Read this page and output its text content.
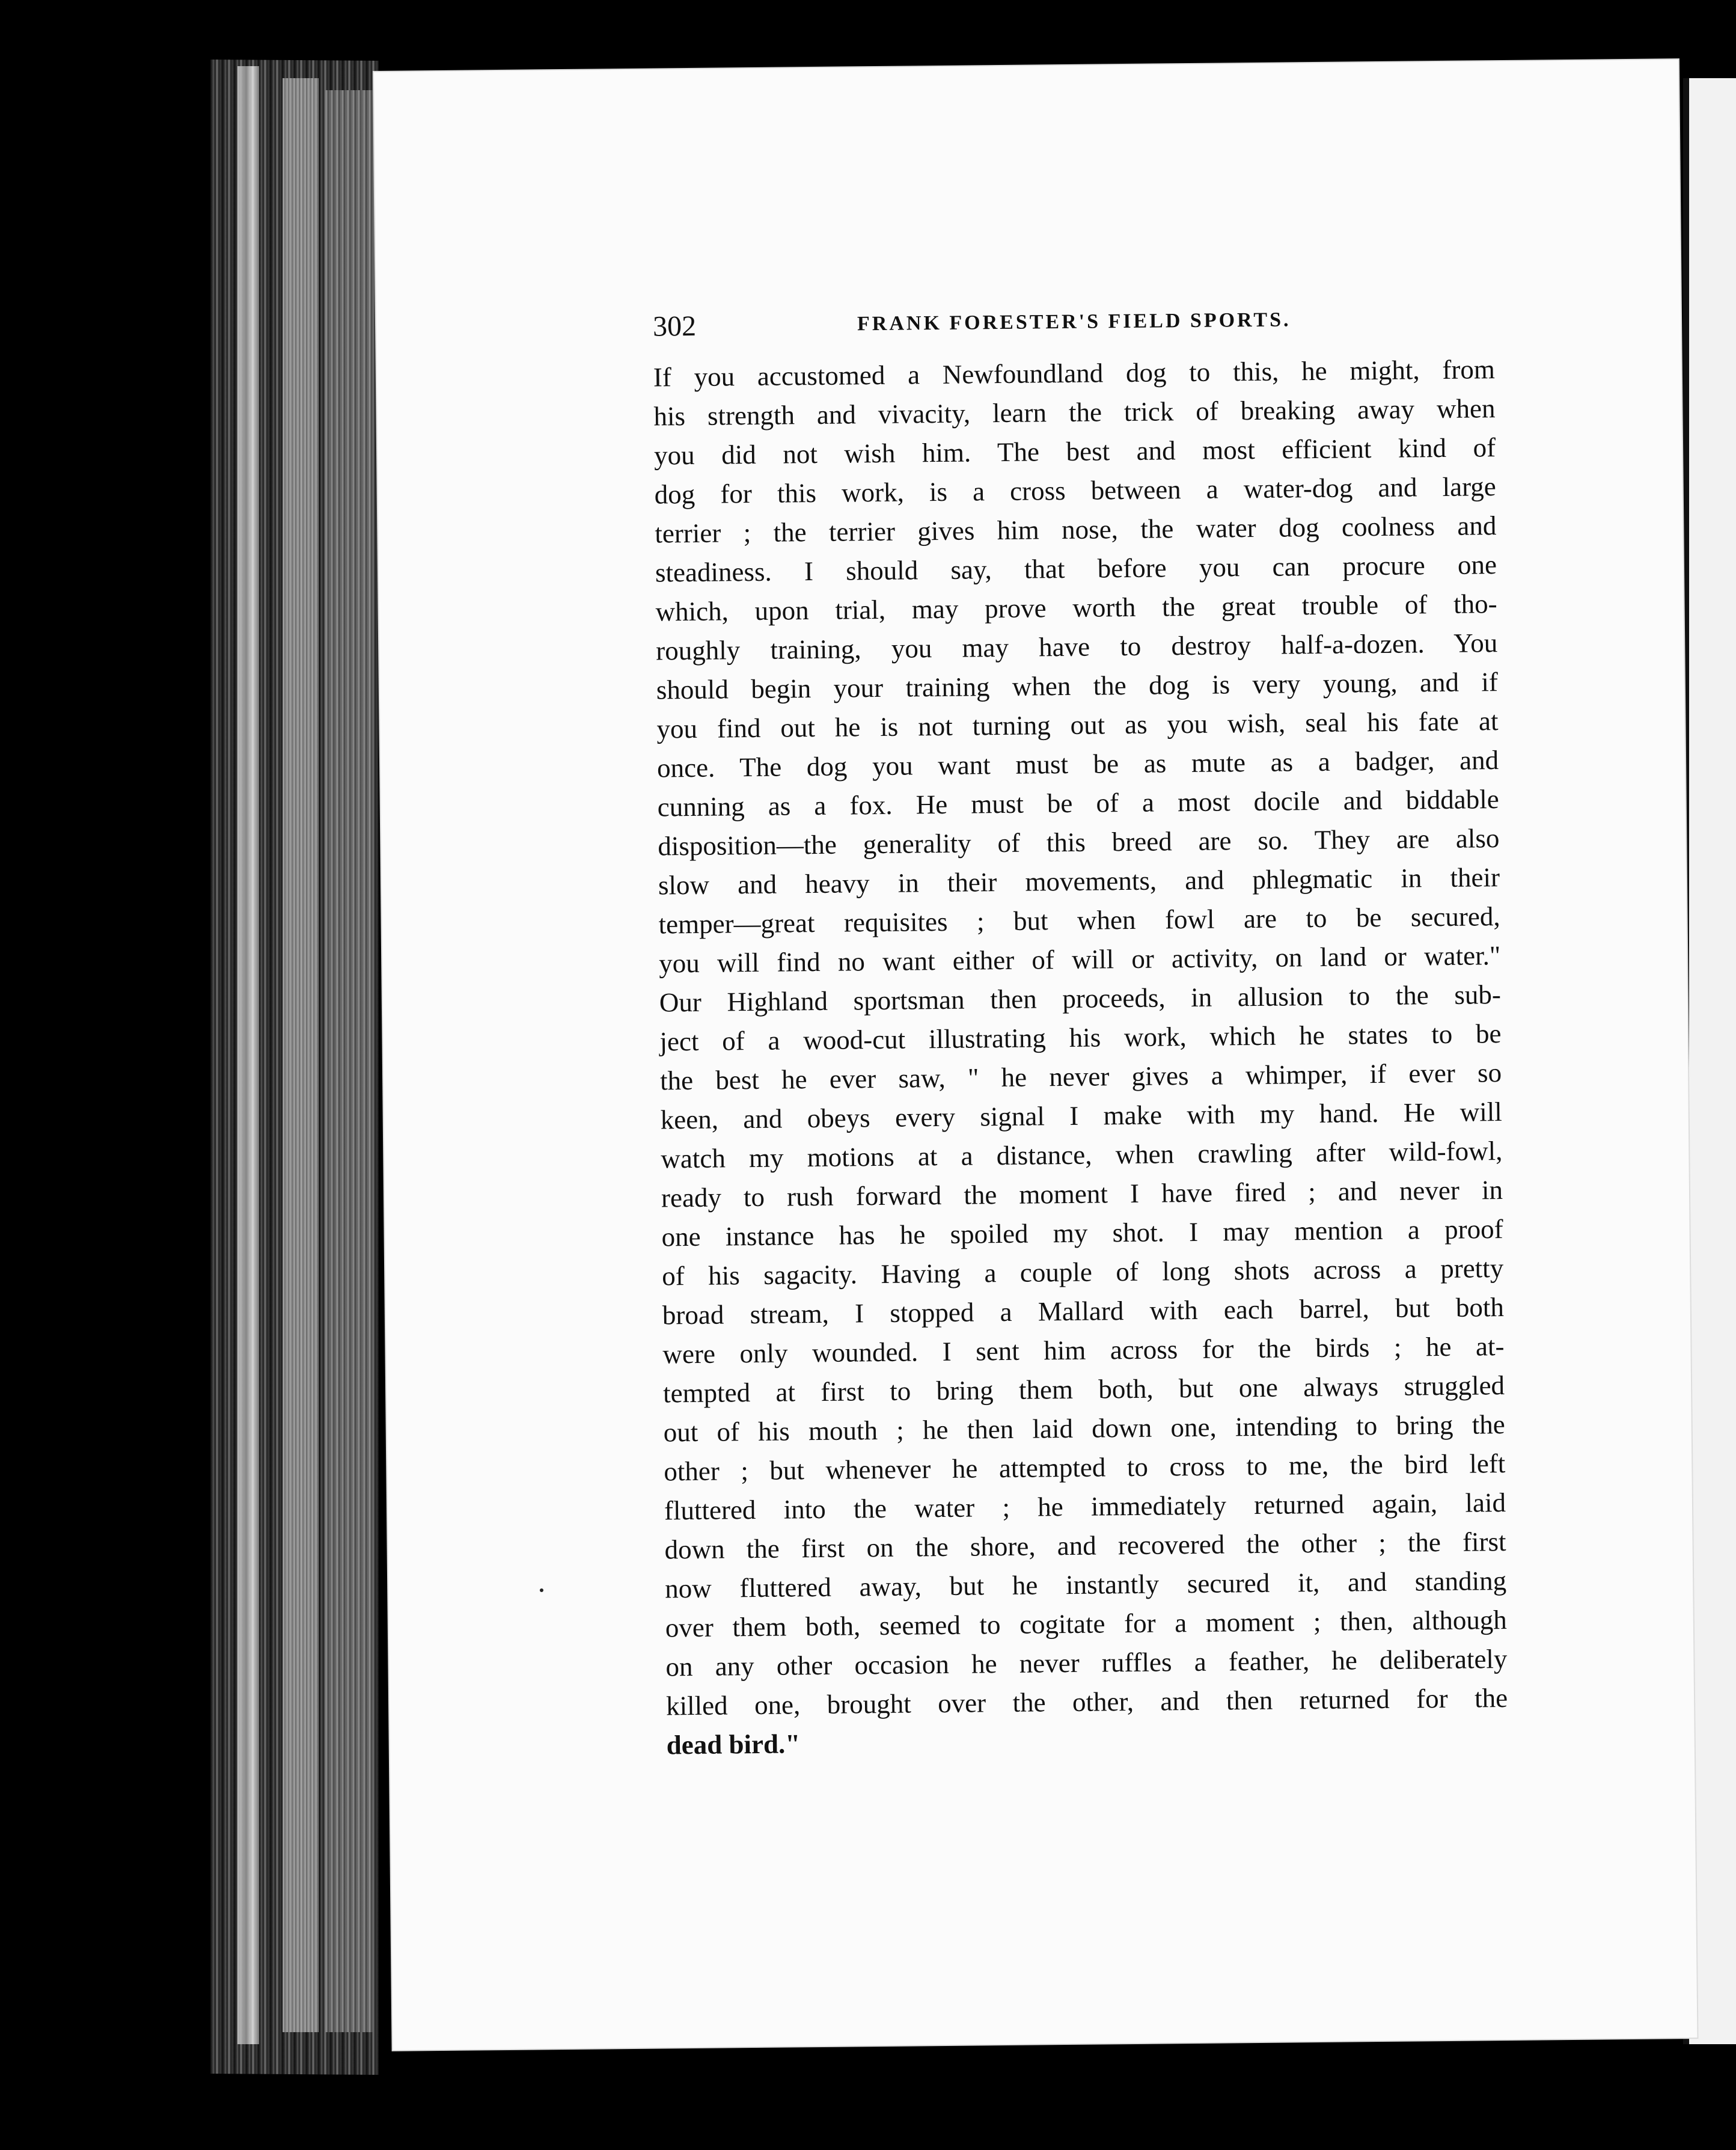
302	FRANK FORESTER'S FIELD SPORTS.
If you accustomed a Newfoundland dog to this, he might, from
his strength and vivacity, learn the trick of breaking away when
you did not wish him. The best and most efficient kind of
dog for this work, is a cross between a water-dog and large
terrier ; the terrier gives him nose, the water dog coolness and
steadiness. I should say, that before you can procure one
which, upon trial, may prove worth the great trouble of tho-
roughly training, you may have to destroy half-a-dozen. You
should begin your training when the dog is very young, and if
you find out he is not turning out as you wish, seal his fate at
once. The dog you want must be as mute as a badger, and
cunning as a fox. He must be of a most docile and biddable
disposition—the generality of this breed are so. They are also
slow and heavy in their movements, and phlegmatic in their
temper—great requisites ; but when fowl are to be secured,
you will find no want either of will or activity, on land or water."
Our Highland sportsman then proceeds, in allusion to the sub-
ject of a wood-cut illustrating his work, which he states to be
the best he ever saw, " he never gives a whimper, if ever so
keen, and obeys every signal I make with my hand. He will
watch my motions at a distance, when crawling after wild-fowl,
ready to rush forward the moment I have fired ; and never in
one instance has he spoiled my shot. I may mention a proof
of his sagacity. Having a couple of long shots across a pretty
broad stream, I stopped a Mallard with each barrel, but both
were only wounded. I sent him across for the birds ; he at-
tempted at first to bring them both, but one always struggled
out of his mouth ; he then laid down one, intending to bring the
other ; but whenever he attempted to cross to me, the bird left
fluttered into the water ; he immediately returned again, laid
down the first on the shore, and recovered the other ; the first
now fluttered away, but he instantly secured it, and standing
over them both, seemed to cogitate for a moment ; then, although
on any other occasion he never ruffles a feather, he deliberately
killed one, brought over the other, and then returned for the
dead bird."
